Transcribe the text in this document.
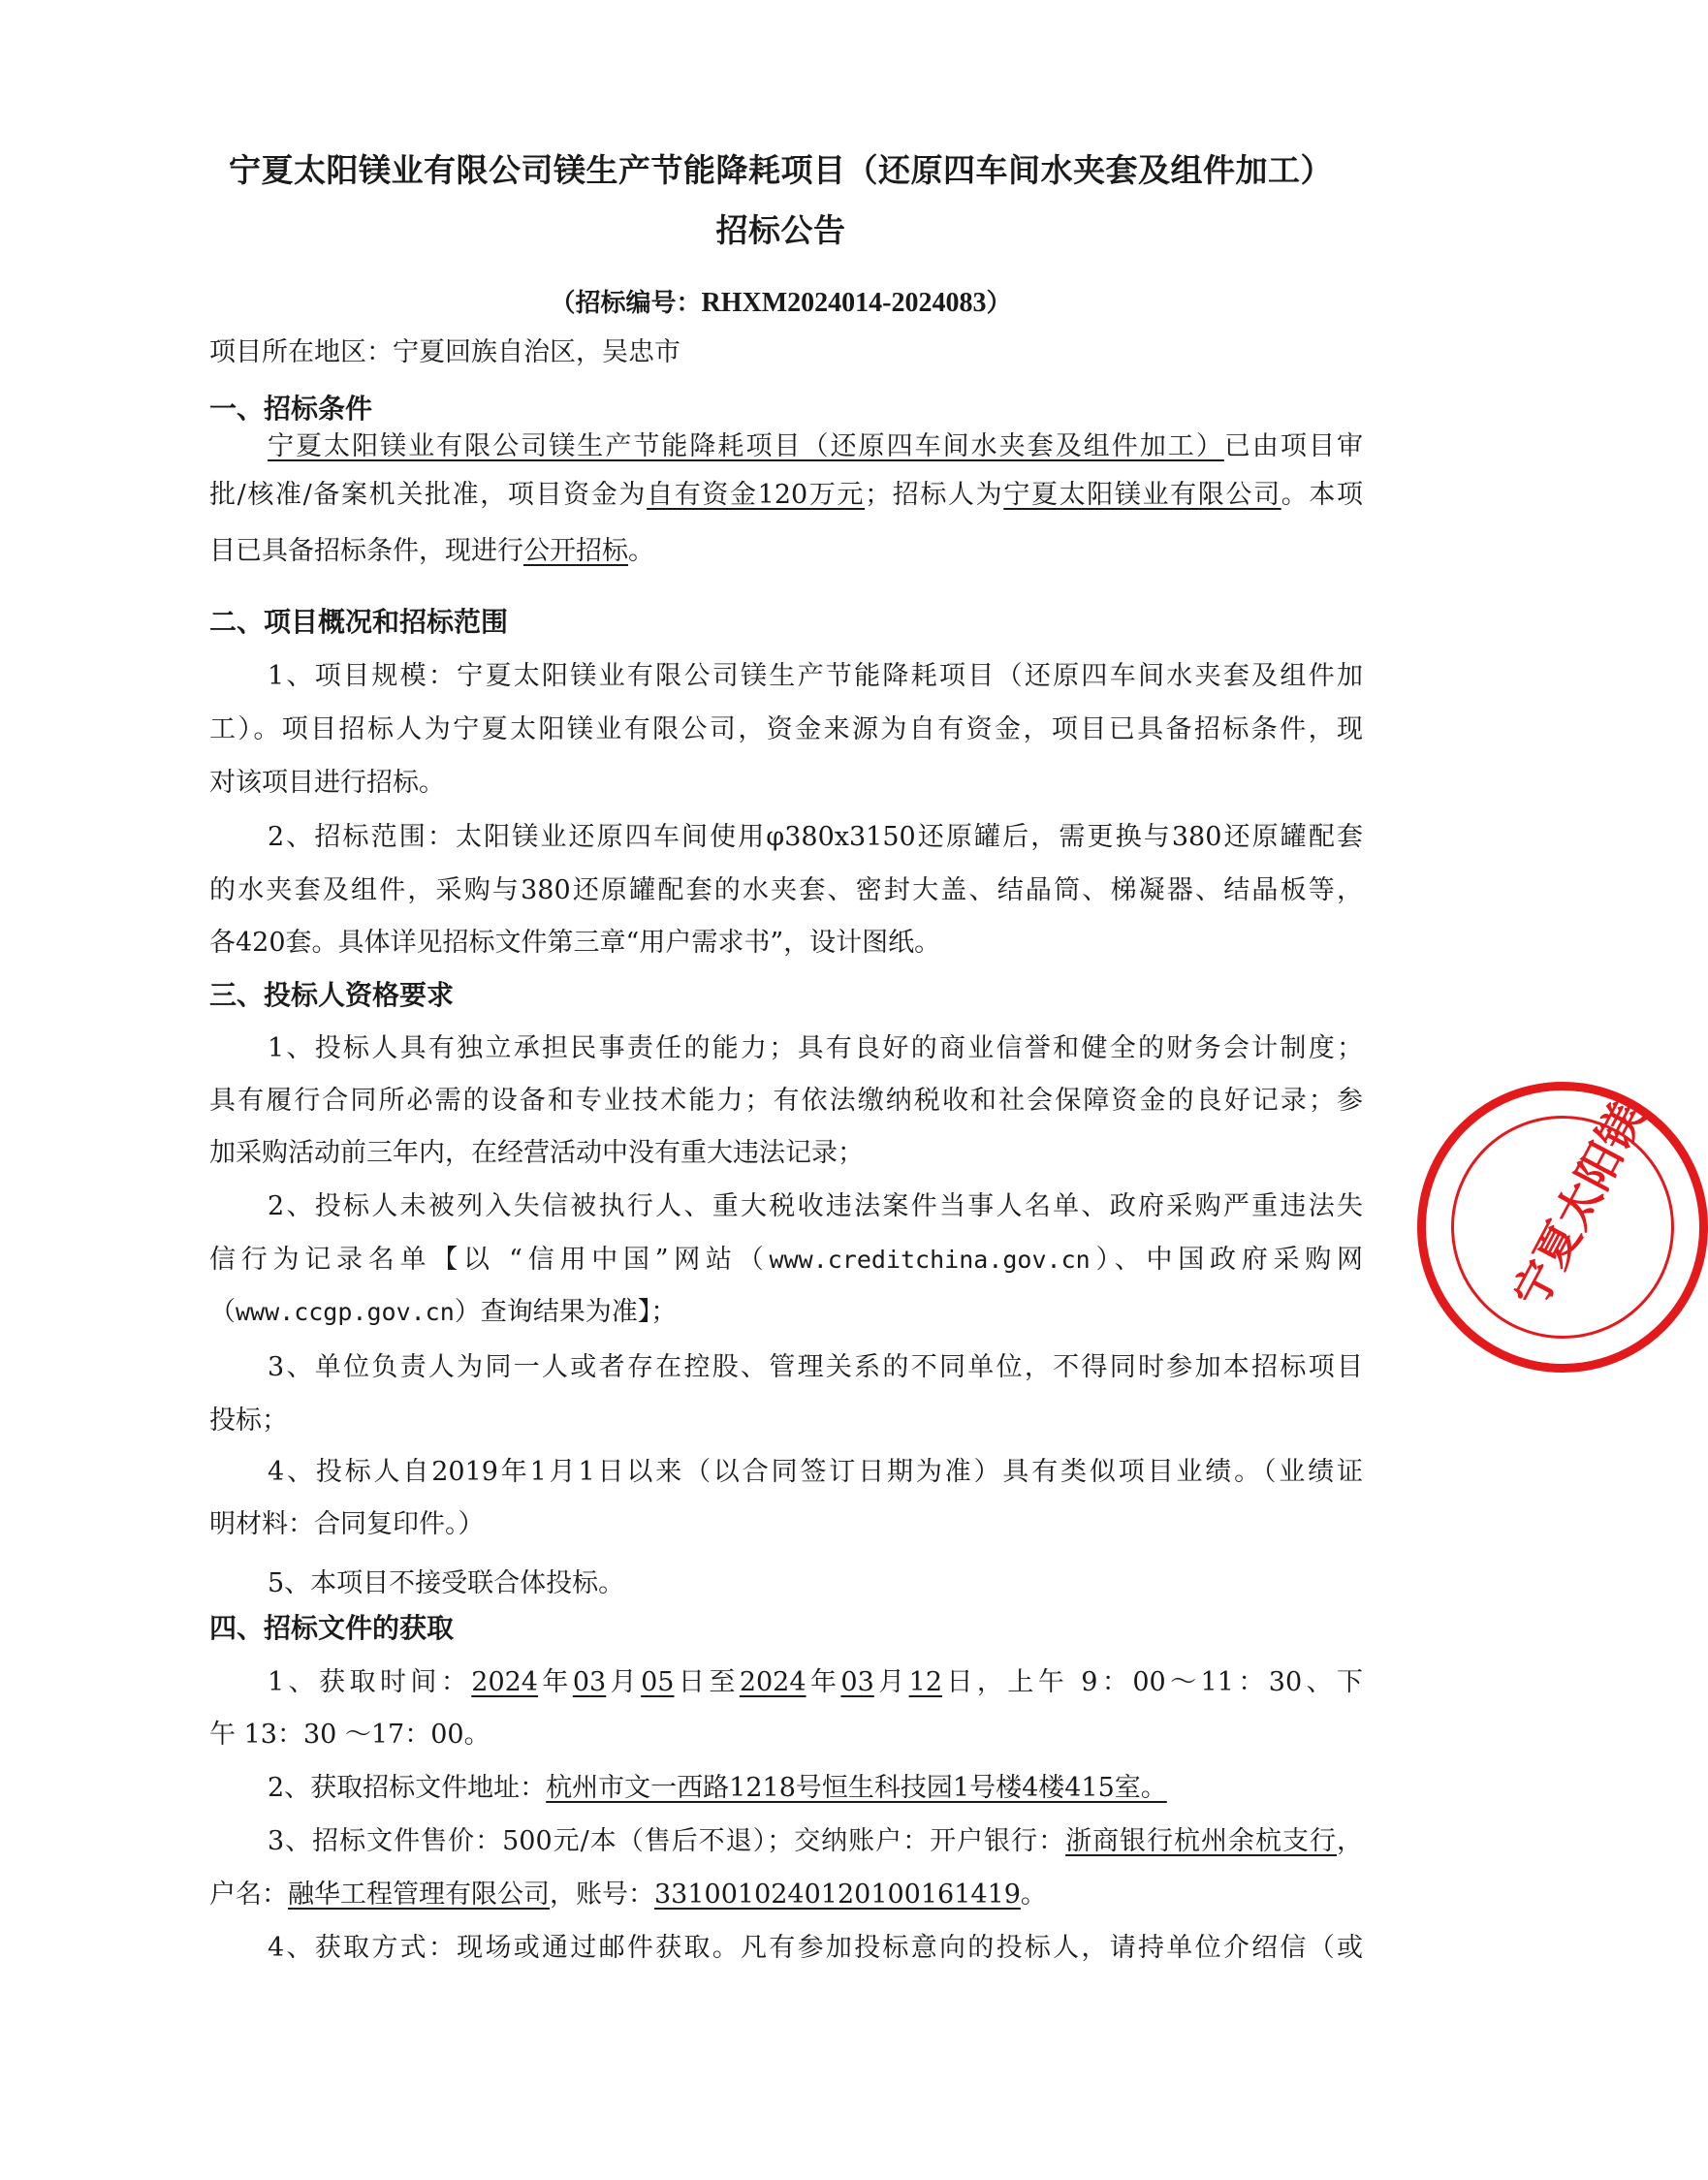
宁夏太阳镁业有限公司镁生产节能降耗项目（还原四车间水夹套及组件加工）
招标公告
（招标编号：RHXM2024014-2024083）
项目所在地区：宁夏回族自治区，吴忠市
一、招标条件
宁夏太阳镁业有限公司镁生产节能降耗项目（还原四车间水夹套及组件加工）已由项目审
批/核准/备案机关批准，项目资金为自有资金120万元；招标人为宁夏太阳镁业有限公司。本项
目已具备招标条件，现进行公开招标。
二、项目概况和招标范围
1、项目规模：宁夏太阳镁业有限公司镁生产节能降耗项目（还原四车间水夹套及组件加
工）。项目招标人为宁夏太阳镁业有限公司，资金来源为自有资金，项目已具备招标条件，现
对该项目进行招标。
2、招标范围：太阳镁业还原四车间使用φ380x3150还原罐后，需更换与380还原罐配套
的水夹套及组件，采购与380还原罐配套的水夹套、密封大盖、结晶筒、梯凝器、结晶板等，
各420套。具体详见招标文件第三章“用户需求书”，设计图纸。
三、投标人资格要求
1、投标人具有独立承担民事责任的能力；具有良好的商业信誉和健全的财务会计制度；
具有履行合同所必需的设备和专业技术能力；有依法缴纳税收和社会保障资金的良好记录；参
加采购活动前三年内，在经营活动中没有重大违法记录；
2、投标人未被列入失信被执行人、重大税收违法案件当事人名单、政府采购严重违法失
信行为记录名单【以 “信用中国”网站（www.creditchina.gov.cn）、中国政府采购网
（www.ccgp.gov.cn）查询结果为准】；
3、单位负责人为同一人或者存在控股、管理关系的不同单位，不得同时参加本招标项目
投标；
4、投标人自2019年1月1日以来（以合同签订日期为准）具有类似项目业绩。（业绩证
明材料：合同复印件。）
5、本项目不接受联合体投标。
四、招标文件的获取
1、获取时间：2024年03月05日至2024年03月12日，上午 9：00～11：30、下
午 13：30 ～17：00。
2、获取招标文件地址：杭州市文一西路1218号恒生科技园1号楼4楼415室。
3、招标文件售价：500元/本（售后不退）；交纳账户：开户银行：浙商银行杭州余杭支行，
户名：融华工程管理有限公司，账号：3310010240120100161419。
4、获取方式：现场或通过邮件获取。凡有参加投标意向的投标人，请持单位介绍信（或
宁夏太阳镁
